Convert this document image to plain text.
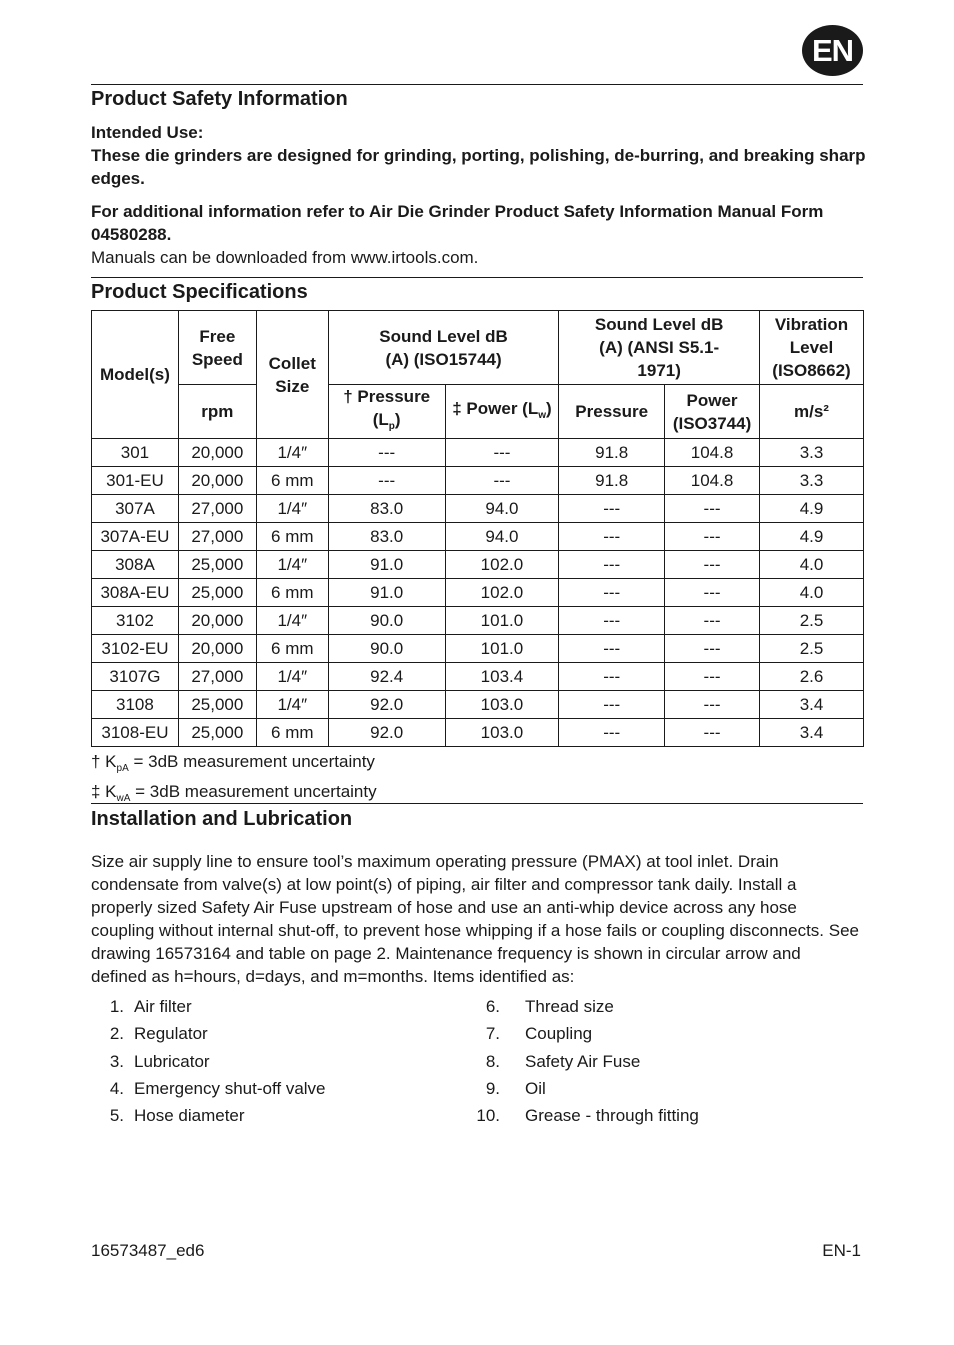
EN
Product Safety Information
Intended Use:
These die grinders are designed for grinding, porting, polishing, de-burring, and breaking sharp edges.
For additional information refer to Air Die Grinder Product Safety Information Manual Form 04580288.
Manuals can be downloaded from www.irtools.com.
Product Specifications
Model(s)	Free Speed	Collet Size	Sound Level dB (A) (ISO15744)		Sound Level dB (A) (ANSI S5.1-1971)		Vibration Level (ISO8662)
	rpm		† Pressure $(L_p)$	‡ Power $(L_w)$	Pressure	Power (ISO3744)	m/s²
301	20,000	1/4″	---	---	91.8	104.8	3.3
301-EU	20,000	6 mm	---	---	91.8	104.8	3.3
307A	27,000	1/4″	83.0	94.0	---	---	4.9
307A-EU	27,000	6 mm	83.0	94.0	---	---	4.9
308A	25,000	1/4″	91.0	102.0	---	---	4.0
308A-EU	25,000	6 mm	91.0	102.0	---	---	4.0
3102	20,000	1/4″	90.0	101.0	---	---	2.5
3102-EU	20,000	6 mm	90.0	101.0	---	---	2.5
3107G	27,000	1/4″	92.4	103.4	---	---	2.6
3108	25,000	1/4″	92.0	103.0	---	---	3.4
3108-EU	25,000	6 mm	92.0	103.0	---	---	3.4
† $K_{pA} = 3dB$ measurement uncertainty
‡ $K_{wA} = 3dB$ measurement uncertainty
Installation and Lubrication
Size air supply line to ensure tool’s maximum operating pressure (PMAX) at tool inlet. Drain condensate from valve(s) at low point(s) of piping, air filter and compressor tank daily. Install a properly sized Safety Air Fuse upstream of hose and use an anti-whip device across any hose coupling without internal shut-off, to prevent hose whipping if a hose fails or coupling disconnects. See drawing 16573164 and table on page 2. Maintenance frequency is shown in circular arrow and defined as h=hours, d=days, and m=months. Items identified as:
1. Air filter
2. Regulator
3. Lubricator
4. Emergency shut-off valve
5. Hose diameter
6. Thread size
7. Coupling
8. Safety Air Fuse
9. Oil
10. Grease - through fitting
16573487_ed6	EN-1
